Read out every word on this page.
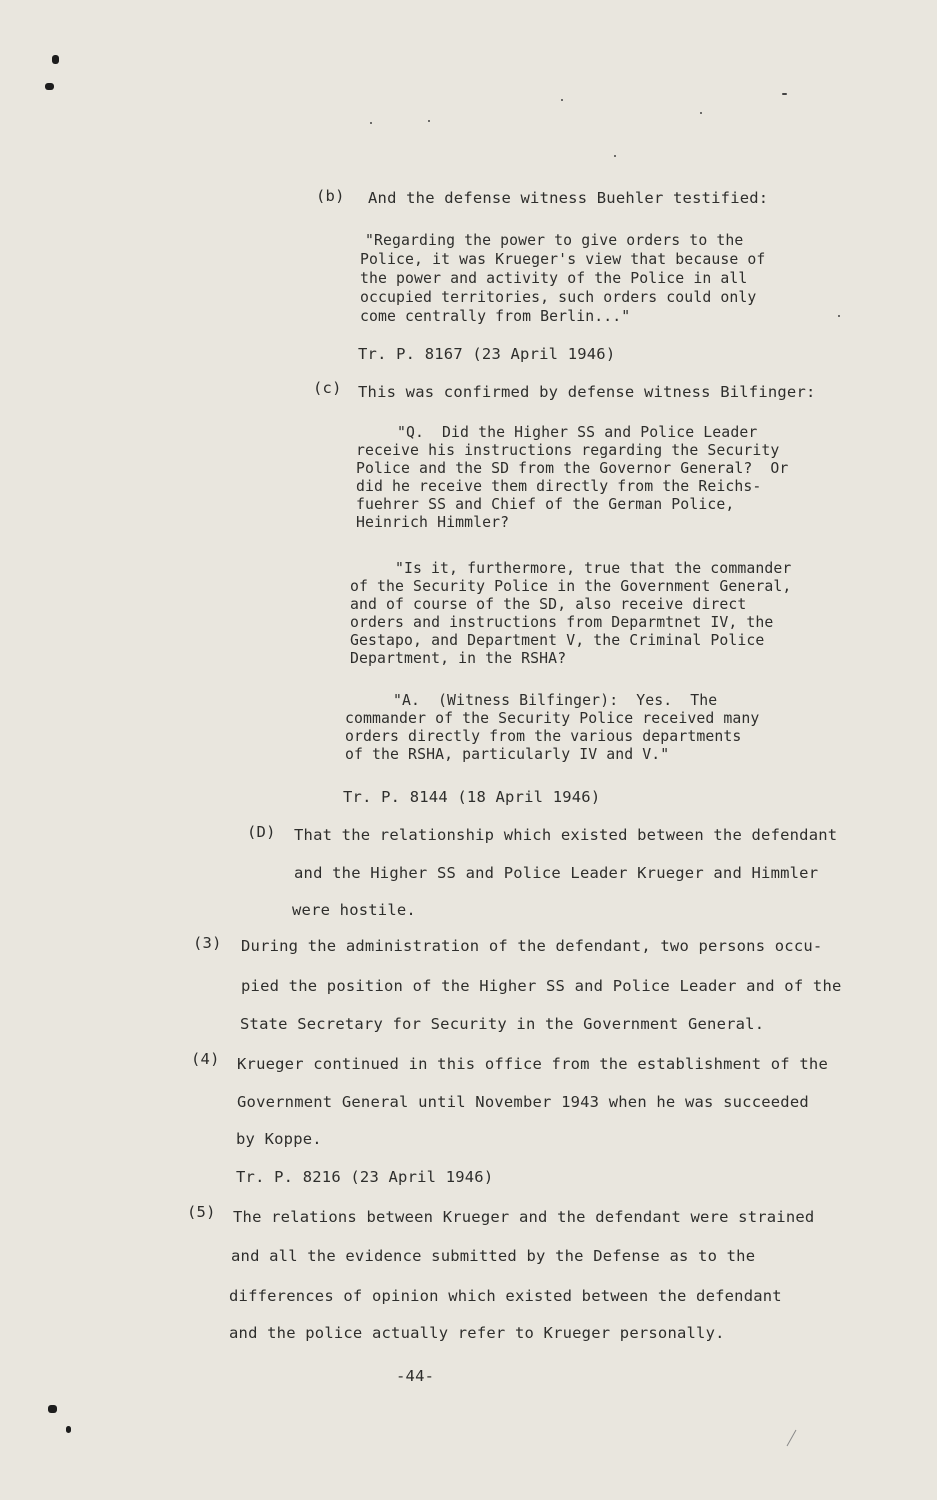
(b) And the defense witness Buehler testified:
"Regarding the power to give orders to the
Police, it was Krueger's view that because of
the power and activity of the Police in all
occupied territories, such orders could only
come centrally from Berlin..."
Tr. P. 8167 (23 April 1946)
(c) This was confirmed by defense witness Bilfinger:
"Q.  Did the Higher SS and Police Leader
receive his instructions regarding the Security
Police and the SD from the Governor General?  Or
did he receive them directly from the Reichs-
fuehrer SS and Chief of the German Police,
Heinrich Himmler?
"Is it, furthermore, true that the commander
of the Security Police in the Government General,
and of course of the SD, also receive direct
orders and instructions from Deparmtnet IV, the
Gestapo, and Department V, the Criminal Police
Department, in the RSHA?
"A.  (Witness Bilfinger):  Yes.  The
commander of the Security Police received many
orders directly from the various departments
of the RSHA, particularly IV and V."
Tr. P. 8144 (18 April 1946)
(D) That the relationship which existed between the defendant
and the Higher SS and Police Leader Krueger and Himmler
were hostile.
(3) During the administration of the defendant, two persons occu-
pied the position of the Higher SS and Police Leader and of the
State Secretary for Security in the Government General.
(4) Krueger continued in this office from the establishment of the
Government General until November 1943 when he was succeeded
by Koppe.
Tr. P. 8216 (23 April 1946)
(5) The relations between Krueger and the defendant were strained
and all the evidence submitted by the Defense as to the
differences of opinion which existed between the defendant
and the police actually refer to Krueger personally.
-44-
